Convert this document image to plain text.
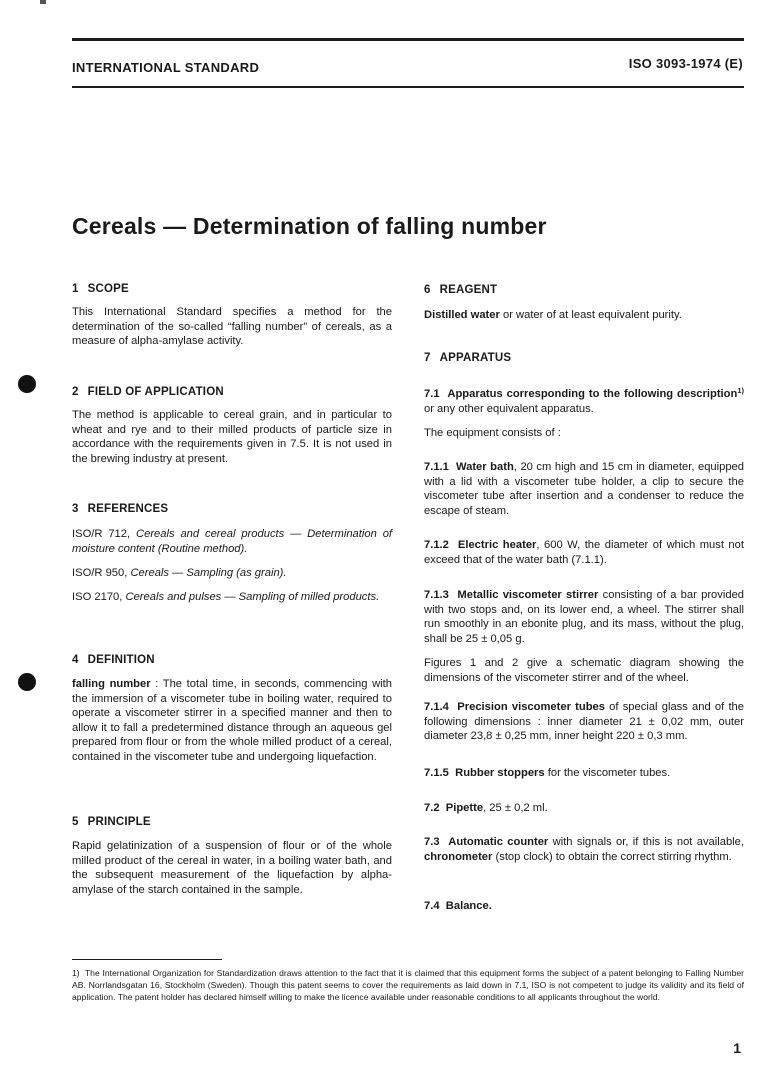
INTERNATIONAL STANDARD	ISO 3093-1974 (E)
Cereals — Determination of falling number
1 SCOPE

This International Standard specifies a method for the determination of the so-called “falling number” of cereals, as a measure of alpha-amylase activity.

2 FIELD OF APPLICATION

The method is applicable to cereal grain, and in particular to wheat and rye and to their milled products of particle size in accordance with the requirements given in 7.5. It is not used in the brewing industry at present.

3 REFERENCES

ISO/R 712, Cereals and cereal products — Determination of moisture content (Routine method).

ISO/R 950, Cereals — Sampling (as grain).

ISO 2170, Cereals and pulses — Sampling of milled products.

4 DEFINITION

falling number : The total time, in seconds, commencing with the immersion of a viscometer tube in boiling water, required to operate a viscometer stirrer in a specified manner and then to allow it to fall a predetermined distance through an aqueous gel prepared from flour or from the whole milled product of a cereal, contained in the viscometer tube and undergoing liquefaction.

5 PRINCIPLE

Rapid gelatinization of a suspension of flour or of the whole milled product of the cereal in water, in a boiling water bath, and the subsequent measurement of the liquefaction by alpha-amylase of the starch contained in the sample.

6 REAGENT

Distilled water or water of at least equivalent purity.

7 APPARATUS

7.1 Apparatus corresponding to the following description$^{1)}$ or any other equivalent apparatus.

The equipment consists of :

7.1.1 Water bath, 20 cm high and 15 cm in diameter, equipped with a lid with a viscometer tube holder, a clip to secure the viscometer tube after insertion and a condenser to reduce the escape of steam.

7.1.2 Electric heater, 600 W, the diameter of which must not exceed that of the water bath (7.1.1).

7.1.3 Metallic viscometer stirrer consisting of a bar provided with two stops and, on its lower end, a wheel. The stirrer shall run smoothly in an ebonite plug, and its mass, without the plug, shall be 25 ± 0,05 g.

Figures 1 and 2 give a schematic diagram showing the dimensions of the viscometer stirrer and of the wheel.

7.1.4 Precision viscometer tubes of special glass and of the following dimensions : inner diameter 21 ± 0,02 mm, outer diameter 23,8 ± 0,25 mm, inner height 220 ± 0,3 mm.

7.1.5 Rubber stoppers for the viscometer tubes.

7.2 Pipette, 25 ± 0,2 ml.

7.3 Automatic counter with signals or, if this is not available, chronometer (stop clock) to obtain the correct stirring rhythm.

7.4 Balance.

1) The International Organization for Standardization draws attention to the fact that it is claimed that this equipment forms the subject of a patent belonging to Falling Number AB. Norrlandsgatan 16, Stockholm (Sweden). Though this patent seems to cover the requirements as laid down in 7.1, ISO is not competent to judge its validity and its field of application. The patent holder has declared himself willing to make the licence available under reasonable conditions to all applicants throughout the world.

1
